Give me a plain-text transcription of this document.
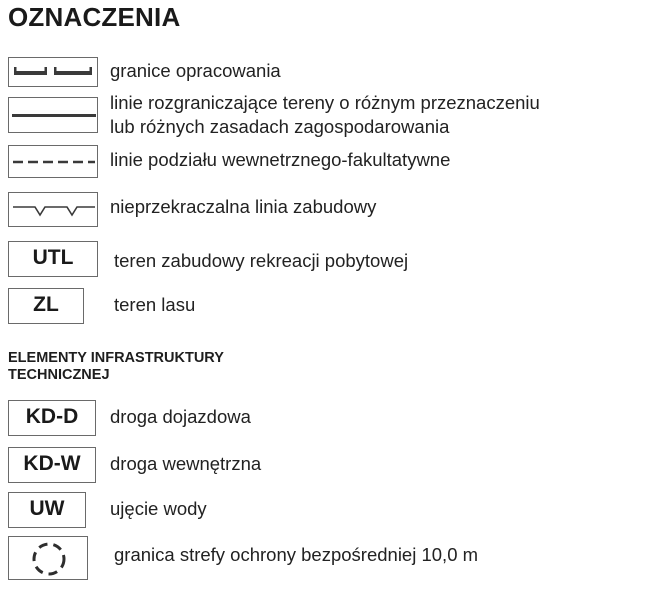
OZNACZENIA
granice opracowania
linie rozgraniczające tereny o różnym przeznaczeniu
lub różnych zasadach zagospodarowania
linie podziału wewnetrznego-fakultatywne
nieprzekraczalna linia zabudowy
UTL	teren zabudowy rekreacji pobytowej
ZL	teren lasu
ELEMENTY INFRASTRUKTURY
TECHNICZNEJ
KD-D	droga dojazdowa
KD-W	droga wewnętrzna
UW	ujęcie wody
granica strefy ochrony bezpośredniej 10,0 m
